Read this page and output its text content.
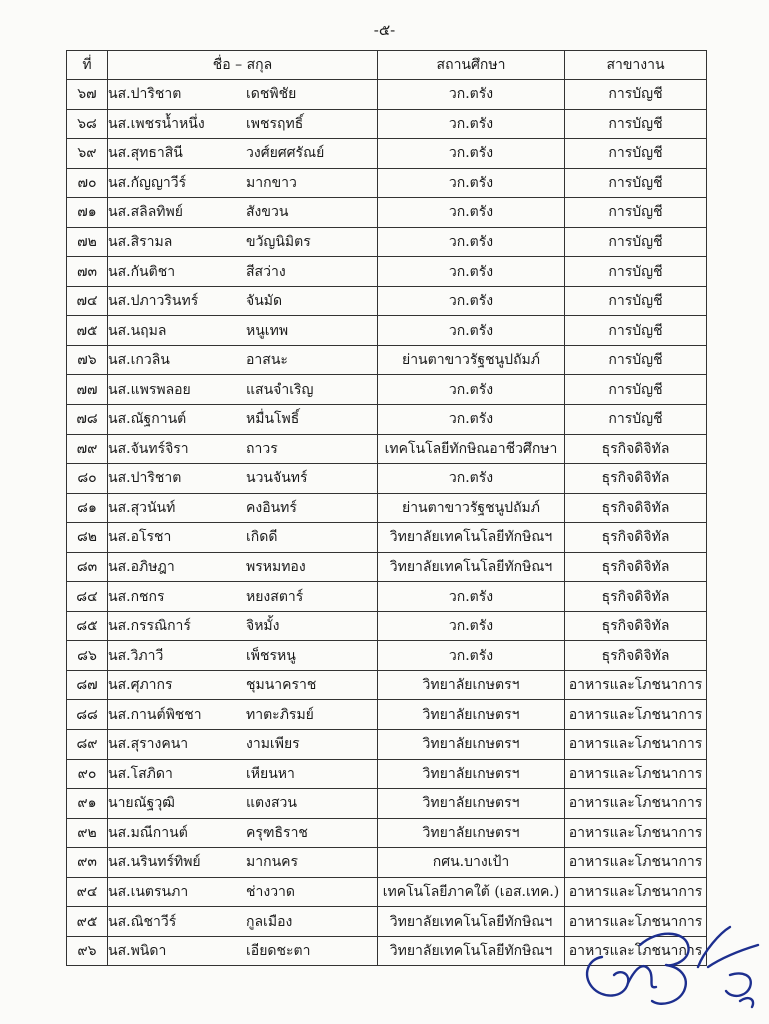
-๕-
ที่	ชื่อ – สกุล	สถานศึกษา	สาขางาน
๖๗	นส.ปาริชาต เดชพิชัย	วก.ตรัง	การบัญชี
๖๘	นส.เพชรน้ำหนึ่ง เพชรฤทธิ์	วก.ตรัง	การบัญชี
๖๙	นส.สุทธาสินี วงศ์ยศศรัณย์	วก.ตรัง	การบัญชี
๗๐	นส.กัญญาวีร์ มากขาว	วก.ตรัง	การบัญชี
๗๑	นส.สลิลทิพย์ สังขวน	วก.ตรัง	การบัญชี
๗๒	นส.สิรามล ขวัญนิมิตร	วก.ตรัง	การบัญชี
๗๓	นส.กันติชา สีสว่าง	วก.ตรัง	การบัญชี
๗๔	นส.ปภาวรินทร์ จันมัด	วก.ตรัง	การบัญชี
๗๕	นส.นฤมล หนูเทพ	วก.ตรัง	การบัญชี
๗๖	นส.เกวลิน อาสนะ	ย่านตาขาวรัฐชนูปถัมภ์	การบัญชี
๗๗	นส.แพรพลอย แสนจำเริญ	วก.ตรัง	การบัญชี
๗๘	นส.ณัฐกานต์ หมื่นโพธิ์	วก.ตรัง	การบัญชี
๗๙	นส.จันทร์จิรา ถาวร	เทคโนโลยีทักษิณอาชีวศึกษา	ธุรกิจดิจิทัล
๘๐	นส.ปาริชาต นวนจันทร์	วก.ตรัง	ธุรกิจดิจิทัล
๘๑	นส.สุวนันท์ คงอินทร์	ย่านตาขาวรัฐชนูปถัมภ์	ธุรกิจดิจิทัล
๘๒	นส.อโรชา เกิดดี	วิทยาลัยเทคโนโลยีทักษิณฯ	ธุรกิจดิจิทัล
๘๓	นส.อภิษฎา พรหมทอง	วิทยาลัยเทคโนโลยีทักษิณฯ	ธุรกิจดิจิทัล
๘๔	นส.กชกร หยงสตาร์	วก.ตรัง	ธุรกิจดิจิทัล
๘๕	นส.กรรณิการ์ จิหมั้ง	วก.ตรัง	ธุรกิจดิจิทัล
๘๖	นส.วิภาวี เพ็ชรหนู	วก.ตรัง	ธุรกิจดิจิทัล
๘๗	นส.ศุภากร ชุมนาคราช	วิทยาลัยเกษตรฯ	อาหารและโภชนาการ
๘๘	นส.กานต์พิชชา ทาตะภิรมย์	วิทยาลัยเกษตรฯ	อาหารและโภชนาการ
๘๙	นส.สุรางคนา งามเพียร	วิทยาลัยเกษตรฯ	อาหารและโภชนาการ
๙๐	นส.โสภิดา เหียนหา	วิทยาลัยเกษตรฯ	อาหารและโภชนาการ
๙๑	นายณัฐวุฒิ แตงสวน	วิทยาลัยเกษตรฯ	อาหารและโภชนาการ
๙๒	นส.มณีกานต์ ครุฑธิราช	วิทยาลัยเกษตรฯ	อาหารและโภชนาการ
๙๓	นส.นรินทร์ทิพย์ มากนคร	กศน.บางเป้า	อาหารและโภชนาการ
๙๔	นส.เนตรนภา ช่างวาด	เทคโนโลยีภาคใต้ (เอส.เทค.)	อาหารและโภชนาการ
๙๕	นส.ณิชาวีร์ กูลเมือง	วิทยาลัยเทคโนโลยีทักษิณฯ	อาหารและโภชนาการ
๙๖	นส.พนิดา เอียดชะตา	วิทยาลัยเทคโนโลยีทักษิณฯ	อาหารและโภชนาการ
